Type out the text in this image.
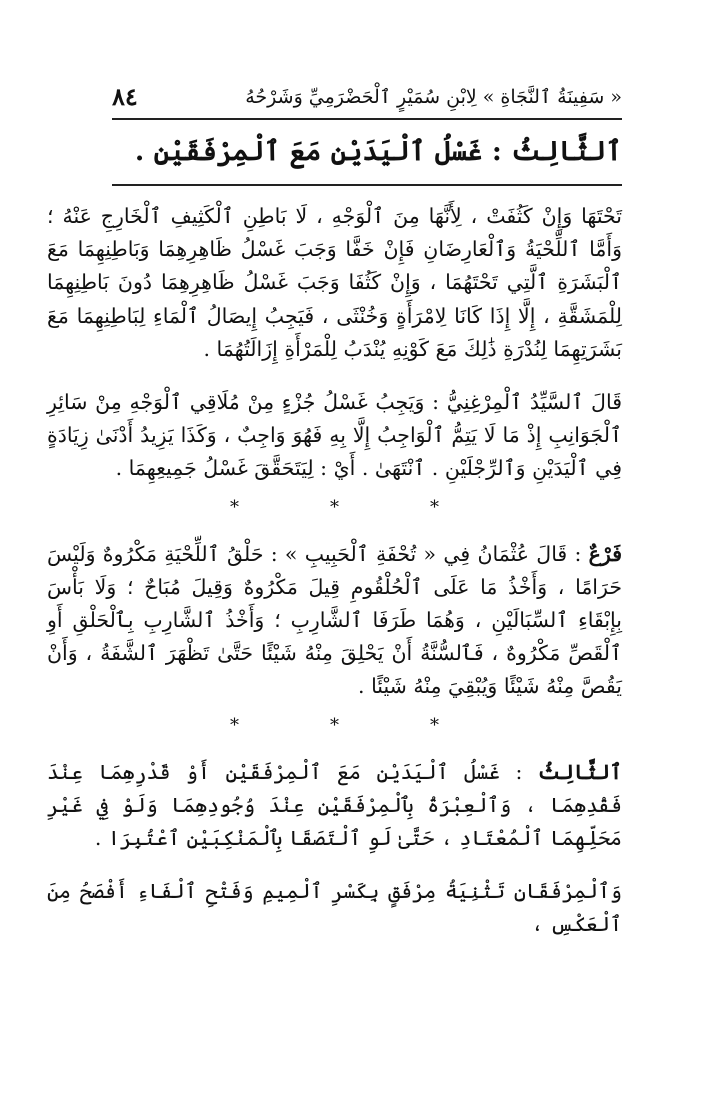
« سَفِينَةُ ٱلنَّجَاةِ » لِابْنِ سُمَيْرٍ ٱلْحَضْرَمِيِّ وَشَرْحُهُ
٨٤
ٱلثَّالِثُ : غَسْلُ ٱلْيَدَيْنِ مَعَ ٱلْمِرْفَقَيْنِ .

تَحْتَهَا وَإِنْ كَثُفَتْ ، لِأَنَّهَا مِنَ ٱلْوَجْهِ ، لَا بَاطِنِ ٱلْكَثِيفِ ٱلْخَارِجِ عَنْهُ ؛ وَأَمَّا ٱللِّحْيَةُ وَٱلْعَارِضَانِ فَإِنْ خَفَّا وَجَبَ غَسْلُ ظَاهِرِهِمَا وَبَاطِنِهِمَا مَعَ ٱلْبَشَرَةِ ٱلَّتِي تَحْتَهُمَا ، وَإِنْ كَثُفَا وَجَبَ غَسْلُ ظَاهِرِهِمَا دُونَ بَاطِنِهِمَا لِلْمَشَقَّةِ ، إِلَّا إِذَا كَانَا لِامْرَأَةٍ وَخُنْثَى ، فَيَجِبُ إِيصَالُ ٱلْمَاءِ لِبَاطِنِهِمَا مَعَ بَشَرَتِهِمَا لِنُدْرَةِ ذَٰلِكَ مَعَ كَوْنِهِ يُنْدَبُ لِلْمَرْأَةِ إِزَالَتُهُمَا .

قَالَ ٱلسَّيِّدُ ٱلْمِرْغِنِيُّ : وَيَجِبُ غَسْلُ جُزْءٍ مِنْ مُلَاقِي ٱلْوَجْهِ مِنْ سَائِرِ ٱلْجَوَانِبِ إِذْ مَا لَا يَتِمُّ ٱلْوَاجِبُ إِلَّا بِهِ فَهُوَ وَاجِبٌ ، وَكَذَا يَزِيدُ أَدْنَىٰ زِيَادَةٍ فِي ٱلْيَدَيْنِ وَٱلرِّجْلَيْنِ . ٱنْتَهَىٰ . أَيْ : لِيَتَحَقَّقَ غَسْلُ جَمِيعِهِمَا .

*	*	*

فَرْعٌ : قَالَ عُثْمَانُ فِي « تُحْفَةِ ٱلْحَبِيبِ » : حَلْقُ ٱللِّحْيَةِ مَكْرُوهٌ وَلَيْسَ حَرَامًا ، وَأَخْذُ مَا عَلَى ٱلْحُلْقُومِ قِيلَ مَكْرُوهٌ وَقِيلَ مُبَاحٌ ؛ وَلَا بَأْسَ بِإِبْقَاءِ ٱلسِّبَالَيْنِ ، وَهُمَا طَرَفَا ٱلشَّارِبِ ؛ وَأَخْذُ ٱلشَّارِبِ بِٱلْحَلْقِ أَوِ ٱلْقَصِّ مَكْرُوهٌ ، فَٱلسُّنَّةُ أَنْ يَحْلِقَ مِنْهُ شَيْئًا حَتَّىٰ تَظْهَرَ ٱلشَّفَةُ ، وَأَنْ يَقُصَّ مِنْهُ شَيْئًا وَيُبْقِيَ مِنْهُ شَيْئًا .

*	*	*

ٱلثَّالِثُ : غَسْلُ ٱلْيَدَيْنِ مَعَ ٱلْمِرْفَقَيْنِ أَوْ قَدْرِهِمَا عِنْدَ فَقْدِهِمَا ، وَٱلْعِبْرَةُ بِٱلْمِرْفَقَيْنِ عِنْدَ وُجُودِهِمَا وَلَوْ فِي غَيْرِ مَحَلِّهِمَا ٱلْمُعْتَادِ ، حَتَّىٰ لَوِ ٱلْتَصَقَا بِٱلْمَنْكِبَيْنِ ٱعْتُبِرَا .

وَٱلْمِرْفَقَانِ تَثْنِيَةُ مِرْفَقٍ بِكَسْرِ ٱلْمِيمِ وَفَتْحِ ٱلْفَاءِ أَفْصَحُ مِنَ ٱلْعَكْسِ ،
